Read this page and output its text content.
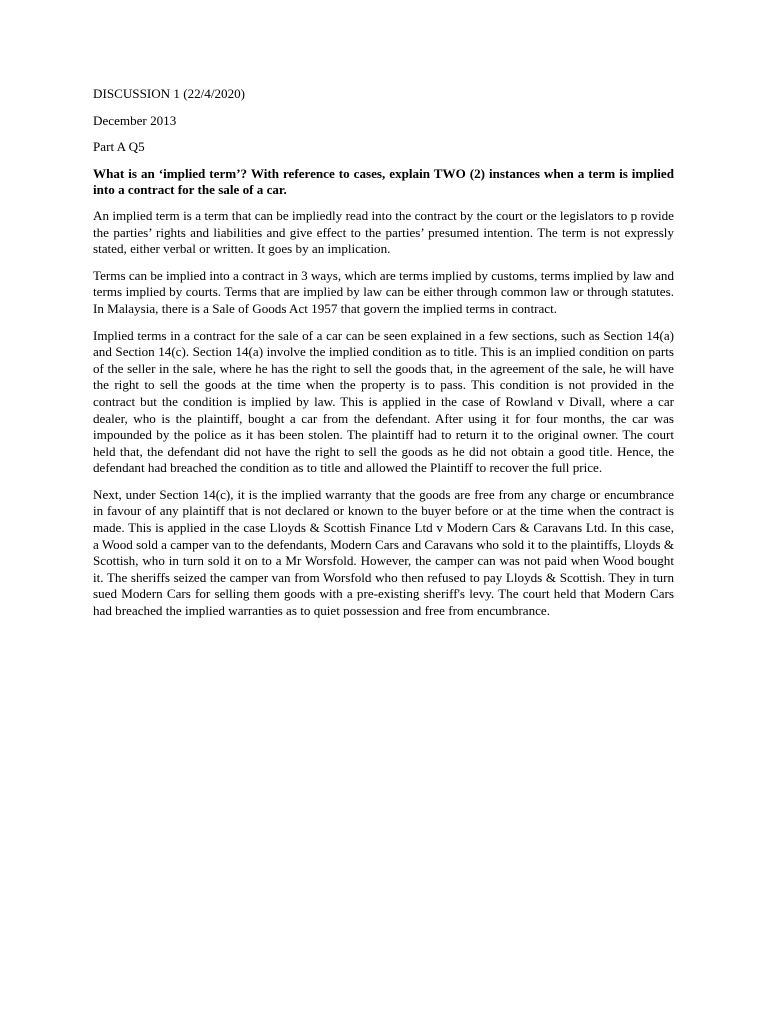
DISCUSSION 1 (22/4/2020)
December 2013
Part A Q5
What is an ‘implied term’? With reference to cases, explain TWO (2) instances when a term is implied into a contract for the sale of a car.
An implied term is a term that can be impliedly read into the contract by the court or the legislators to p rovide the parties’ rights and liabilities and give effect to the parties’ presumed intention. The term is not expressly stated, either verbal or written. It goes by an implication.
Terms can be implied into a contract in 3 ways, which are terms implied by customs, terms implied by law and terms implied by courts. Terms that are implied by law can be either through common law or through statutes. In Malaysia, there is a Sale of Goods Act 1957 that govern the implied terms in contract.
Implied terms in a contract for the sale of a car can be seen explained in a few sections, such as Section 14(a) and Section 14(c). Section 14(a) involve the implied condition as to title. This is an implied condition on parts of the seller in the sale, where he has the right to sell the goods that, in the agreement of the sale, he will have the right to sell the goods at the time when the property is to pass. This condition is not provided in the contract but the condition is implied by law. This is applied in the case of Rowland v Divall, where a car dealer, who is the plaintiff, bought a car from the defendant. After using it for four months, the car was impounded by the police as it has been stolen. The plaintiff had to return it to the original owner. The court held that, the defendant did not have the right to sell the goods as he did not obtain a good title. Hence, the defendant had breached the condition as to title and allowed the Plaintiff to recover the full price.
Next, under Section 14(c), it is the implied warranty that the goods are free from any charge or encumbrance in favour of any plaintiff that is not declared or known to the buyer before or at the time when the contract is made. This is applied in the case Lloyds & Scottish Finance Ltd v Modern Cars & Caravans Ltd. In this case, a Wood sold a camper van to the defendants, Modern Cars and Caravans who sold it to the plaintiffs, Lloyds & Scottish, who in turn sold it on to a Mr Worsfold. However, the camper can was not paid when Wood bought it. The sheriffs seized the camper van from Worsfold who then refused to pay Lloyds & Scottish. They in turn sued Modern Cars for selling them goods with a pre-existing sheriff's levy. The court held that Modern Cars had breached the implied warranties as to quiet possession and free from encumbrance.
